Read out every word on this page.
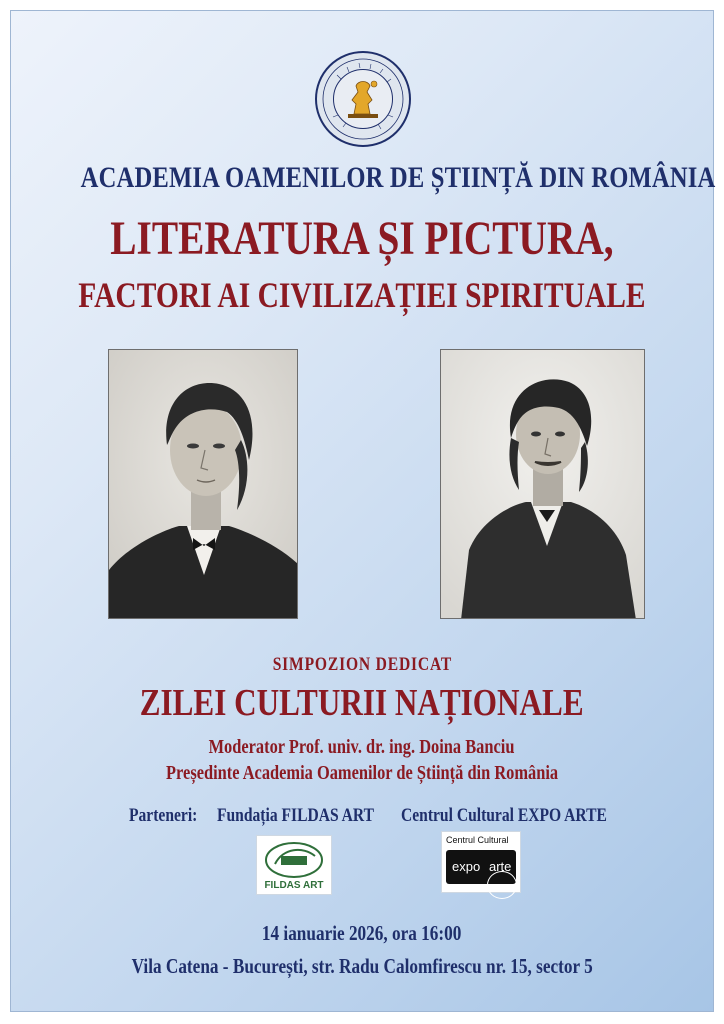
ACADEMIA OAMENILOR DE ȘTIINȚĂ DIN ROMÂNIA
LITERATURA ȘI PICTURA,
FACTORI AI CIVILIZAȚIEI SPIRITUALE
SIMPOZION DEDICAT
ZILEI CULTURII NAȚIONALE
Moderator Prof. univ. dr. ing. Doina Banciu
Președinte Academia Oamenilor de Știință din România
Parteneri:	Fundația FILDAS ART	Centrul Cultural EXPO ARTE
FILDAS ART
Centrul Cultural
expo arte
14 ianuarie 2026, ora 16:00
Vila Catena - București, str. Radu Calomfirescu nr. 15, sector 5
